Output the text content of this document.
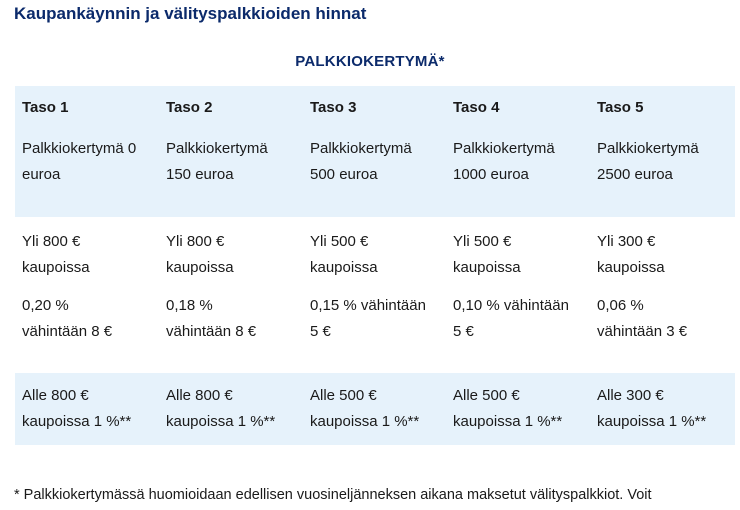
Kaupankäynnin ja välityspalkkioiden hinnat
PALKKIOKERTYMÄ*
Taso 1
Palkkiokertymä 0
euroa
Taso 2
Palkkiokertymä
150 euroa
Taso 3
Palkkiokertymä
500 euroa
Taso 4
Palkkiokertymä
1000 euroa
Taso 5
Palkkiokertymä
2500 euroa
Yli 800 €
kaupoissa
0,20 %
vähintään 8 €
Yli 800 €
kaupoissa
0,18 %
vähintään 8 €
Yli 500 €
kaupoissa
0,15 % vähintään
5 €
Yli 500 €
kaupoissa
0,10 % vähintään
5 €
Yli 300 €
kaupoissa
0,06 %
vähintään 3 €
Alle 800 €
kaupoissa 1 %**
Alle 800 €
kaupoissa 1 %**
Alle 500 €
kaupoissa 1 %**
Alle 500 €
kaupoissa 1 %**
Alle 300 €
kaupoissa 1 %**
* Palkkiokertymässä huomioidaan edellisen vuosineljänneksen aikana maksetut välityspalkkiot. Voit
